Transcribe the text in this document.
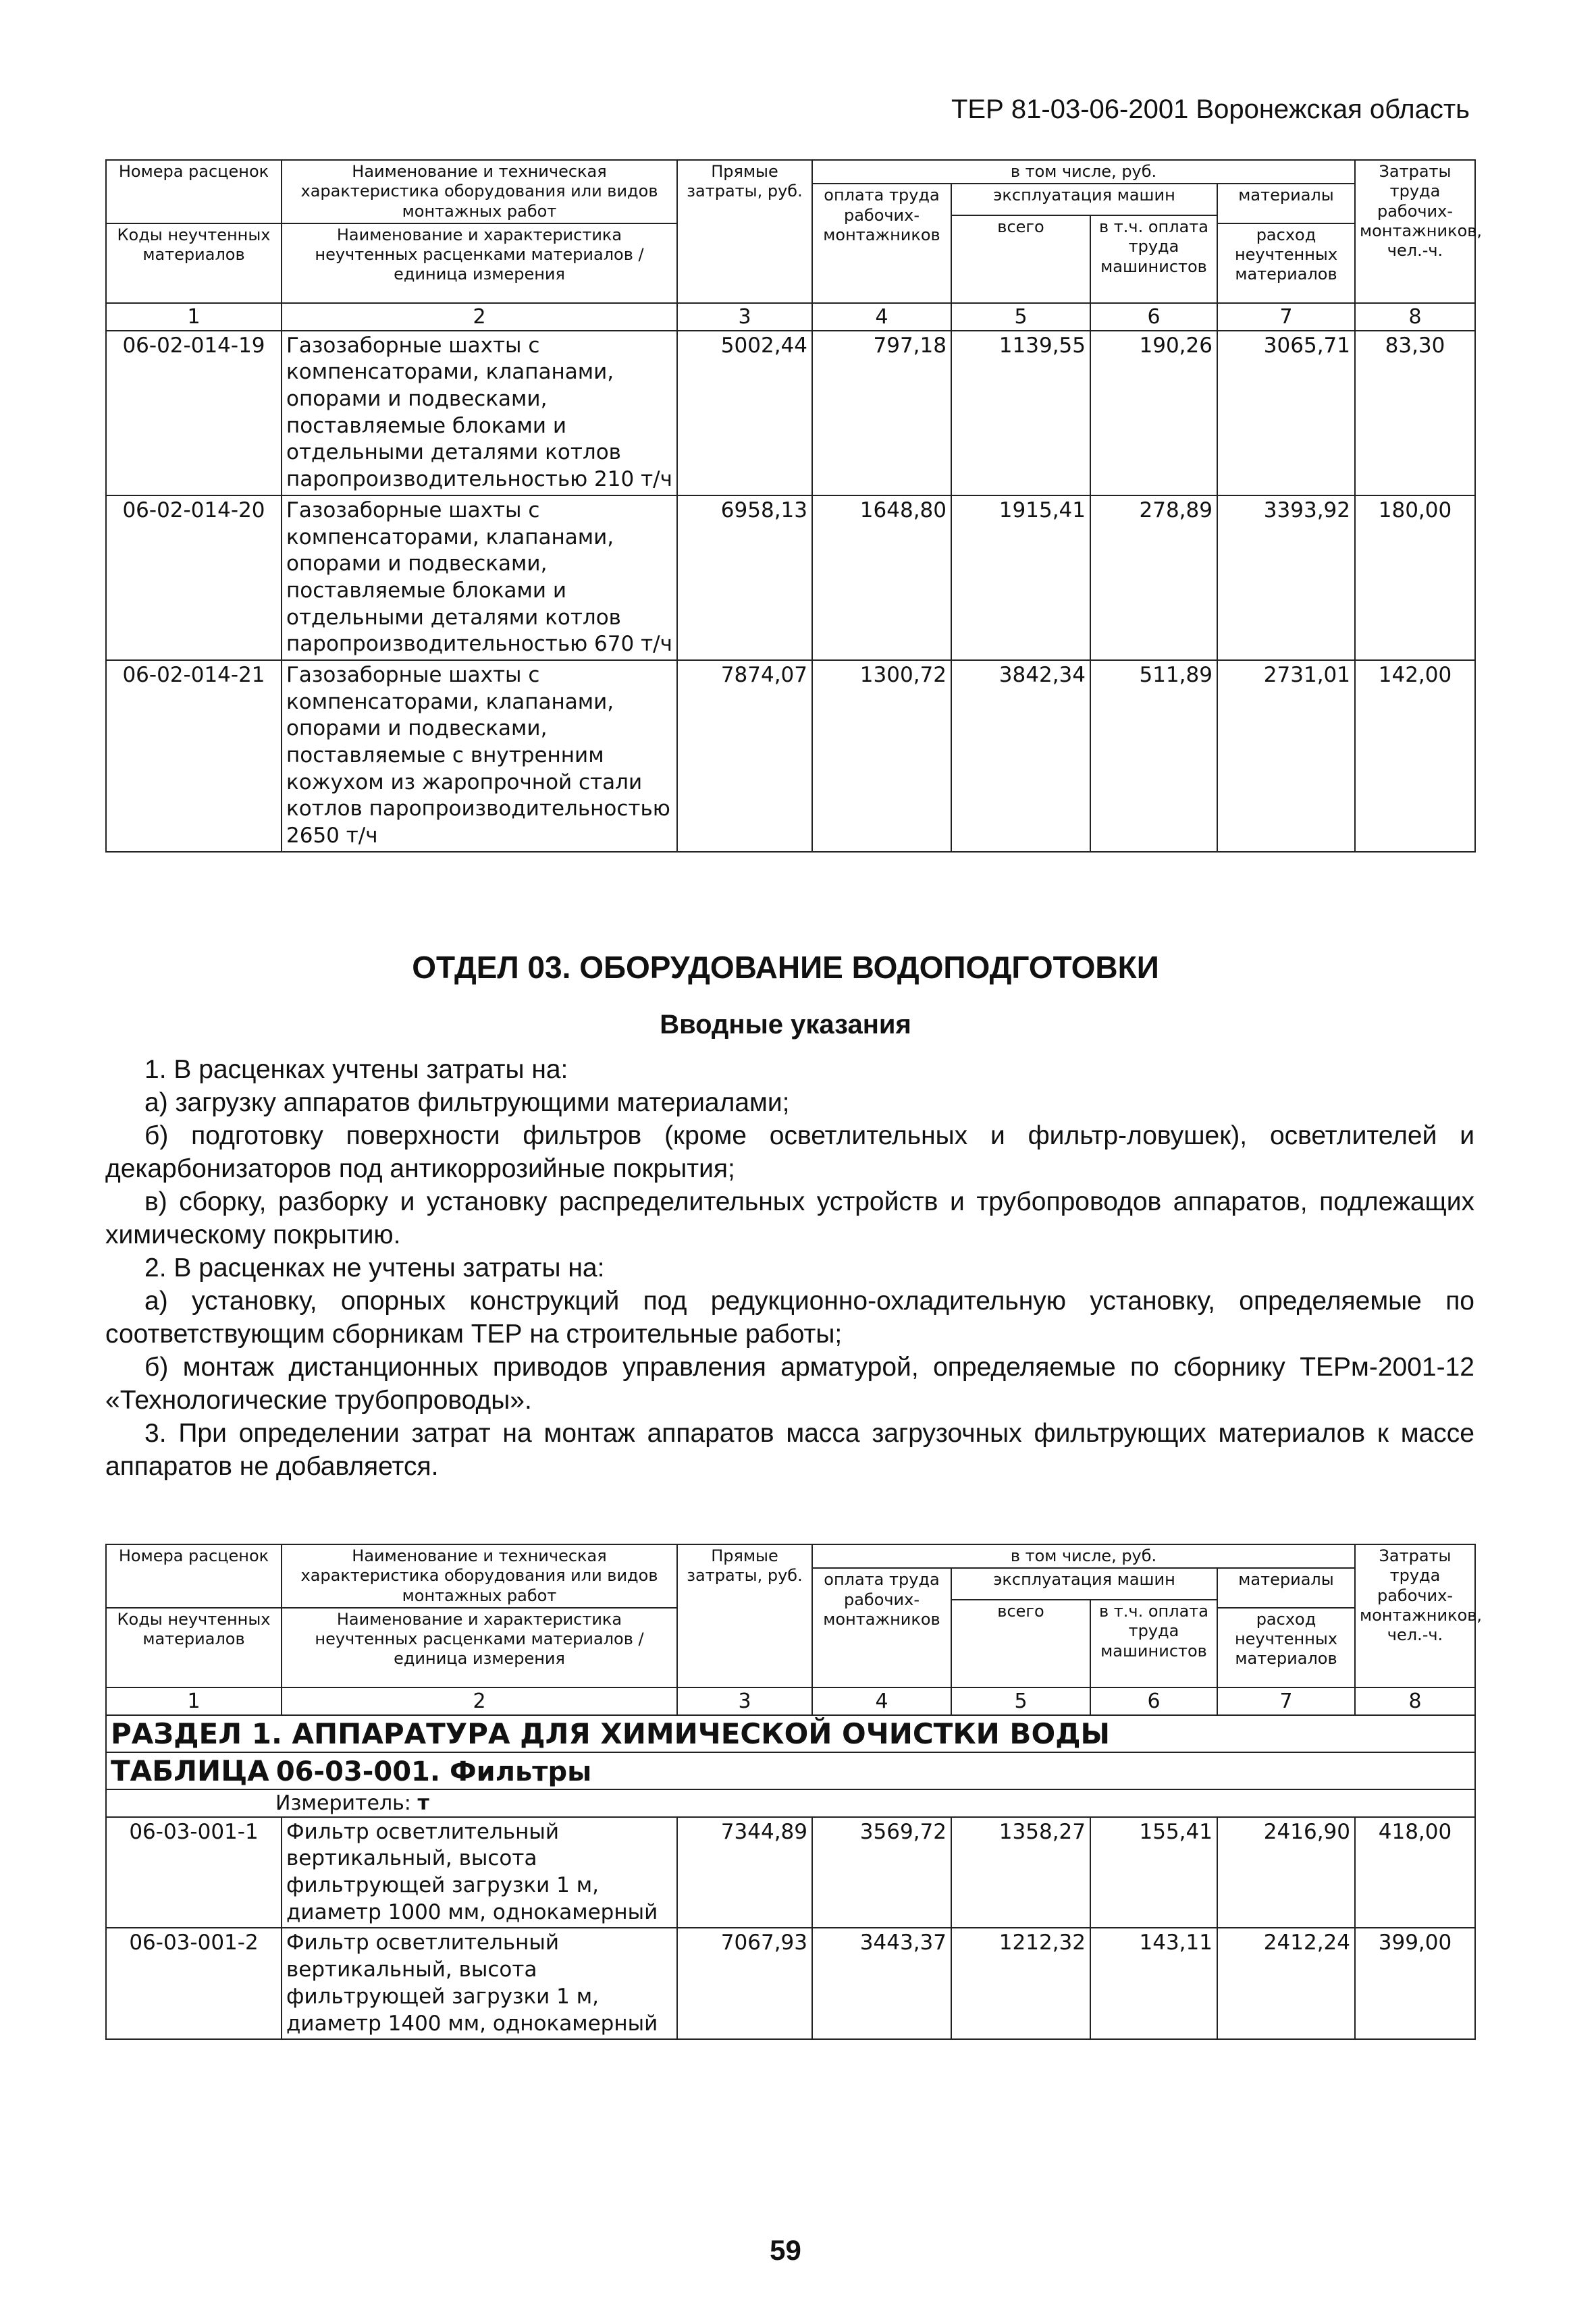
ТЕР 81-03-06-2001 Воронежская область
Номера расценок	Наименование и техническая характеристика оборудования или видов монтажных работ	Прямые затраты, руб.	в том числе, руб.				Затраты труда рабочих-монтажников, чел.-ч.
			оплата труда рабочих-монтажников	эксплуатация машин		материалы	
				всего	в т.ч. оплата труда машинистов		
Коды неучтенных материалов	Наименование и характеристика неучтенных расценками материалов / единица измерения					расход неучтенных материалов	

1	2	3	4	5	6	7	8
06-02-014-19	Газозаборные шахты с компенсаторами, клапанами, опорами и подвесками, поставляемые блоками и отдельными деталями котлов паропроизводительностью 210 т/ч	5002,44	797,18	1139,55	190,26	3065,71	83,30
06-02-014-20	Газозаборные шахты с компенсаторами, клапанами, опорами и подвесками, поставляемые блоками и отдельными деталями котлов паропроизводительностью 670 т/ч	6958,13	1648,80	1915,41	278,89	3393,92	180,00
06-02-014-21	Газозаборные шахты с компенсаторами, клапанами, опорами и подвесками, поставляемые с внутренним кожухом из жаропрочной стали котлов паропроизводительностью 2650 т/ч	7874,07	1300,72	3842,34	511,89	2731,01	142,00
ОТДЕЛ 03. ОБОРУДОВАНИЕ ВОДОПОДГОТОВКИ
Вводные указания

1. В расценках учтены затраты на:

а) загрузку аппаратов фильтрующими материалами;

б) подготовку поверхности фильтров (кроме осветлительных и фильтр-ловушек), осветлителей и декарбонизаторов под антикоррозийные покрытия;

в) сборку, разборку и установку распределительных устройств и трубопроводов аппаратов, подлежащих химическому покрытию.

2. В расценках не учтены затраты на:

а) установку, опорных конструкций под редукционно-охладительную установку, определяемые по соответствующим сборникам ТЕР на строительные работы;

б) монтаж дистанционных приводов управления арматурой, определяемые по сборнику ТЕРм-2001-12 «Технологические трубопроводы».

3. При определении затрат на монтаж аппаратов масса загрузочных фильтрующих материалов к массе аппаратов не добавляется.

Номера расценок	Наименование и техническая характеристика оборудования или видов монтажных работ	Прямые затраты, руб.	в том числе, руб.				Затраты труда рабочих-монтажников, чел.-ч.
			оплата труда рабочих-монтажников	эксплуатация машин		материалы	
				всего	в т.ч. оплата труда машинистов		
Коды неучтенных материалов	Наименование и характеристика неучтенных расценками материалов / единица измерения					расход неучтенных материалов	

1	2	3	4	5	6	7	8
РАЗДЕЛ 1. АППАРАТУРА ДЛЯ ХИМИЧЕСКОЙ ОЧИСТКИ ВОДЫ							
ТАБЛИЦА 06-03-001. Фильтры							
Измеритель: т							
06-03-001-1	Фильтр осветлительный вертикальный, высота фильтрующей загрузки 1 м, диаметр 1000 мм, однокамерный	7344,89	3569,72	1358,27	155,41	2416,90	418,00
06-03-001-2	Фильтр осветлительный вертикальный, высота фильтрующей загрузки 1 м, диаметр 1400 мм, однокамерный	7067,93	3443,37	1212,32	143,11	2412,24	399,00
59
